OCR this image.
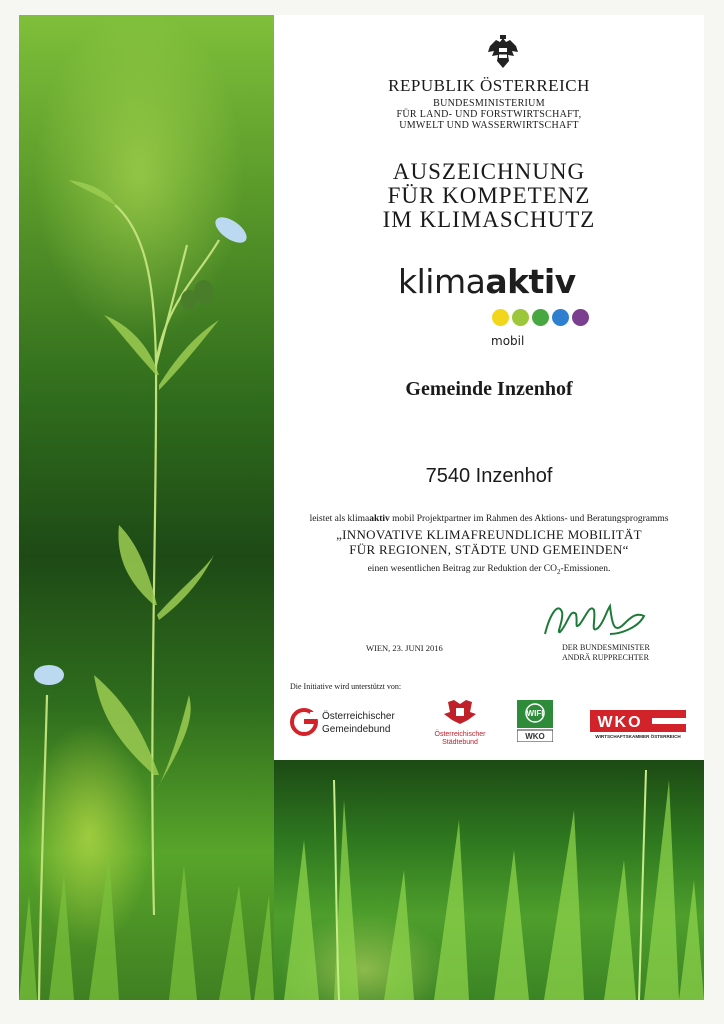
REPUBLIK ÖSTERREICH
BUNDESMINISTERIUM
FÜR LAND- UND FORSTWIRTSCHAFT,
UMWELT UND WASSERWIRTSCHAFT
AUSZEICHNUNG
FÜR KOMPETENZ
IM KLIMASCHUTZ
klimaaktiv
mobil
Gemeinde Inzenhof
7540 Inzenhof
leistet als klimaaktiv mobil Projektpartner im Rahmen des Aktions- und Beratungsprogramms
„INNOVATIVE KLIMAFREUNDLICHE MOBILITÄT
FÜR REGIONEN, STÄDTE UND GEMEINDEN“
einen wesentlichen Beitrag zur Reduktion der $CO_2$-Emissionen.
WIEN, 23. JUNI 2016	DER BUNDESMINISTER
ANDRÄ RUPPRECHTER
Die Initiative wird unterstützt von:
Österreichischer
Gemeindebund	Österreichischer
Städtebund
WIFI
WKO
WKO
WIRTSCHAFTSKAMMER ÖSTERREICH
